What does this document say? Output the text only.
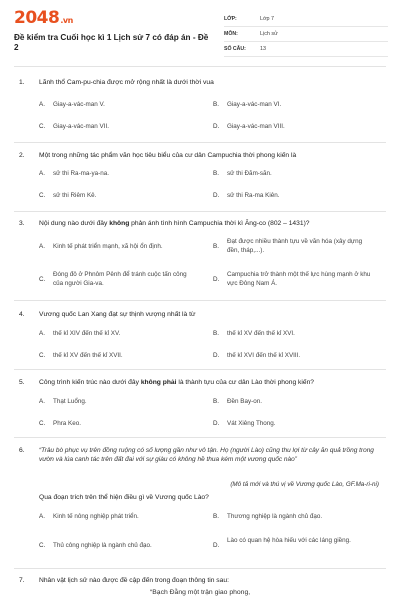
2048.vn
Đề kiểm tra Cuối học kì 1 Lịch sử 7 có đáp án - Đề 2
LỚP:	Lớp 7
MÔN:	Lịch sử
SỐ CÂU:	13
1. Lãnh thổ Cam-pu-chia được mở rộng nhất là dưới thời vua
A. Giay-a-vác-man V.	B. Giay-a-vác-man VI.
C. Giay-a-vác-man VII.	D. Giay-a-vác-man VIII.
2. Một trong những tác phẩm văn học tiêu biểu của cư dân Campuchia thời phong kiến là
A. sử thi Ra-ma-ya-na.	B. sử thi Đăm-săn.
C. sử thi Riêm Kê.	D. sử thi Ra-ma Kiên.
3. Nội dung nào dưới đây không phản ánh tình hình Campuchia thời kì Ăng-co (802 – 1431)?
A. Kinh tế phát triển mạnh, xã hội ổn định.	B.
Đạt được nhiều thành tựu về văn hóa (xây dựng đền, tháp,...).
C.
Đóng đô ở Phnôm Pênh để tránh cuộc tấn công của người Gia-va.
D.
Campuchia trở thành một thế lực hùng mạnh ở khu vực Đông Nam Á.
4. Vương quốc Lan Xang đạt sự thịnh vượng nhất là từ
A. thế kỉ XIV đến thế kỉ XV.	B. thế kỉ XV đến thế kỉ XVI.
C. thế kỉ XV đến thế kỉ XVII.	D. thế kỉ XVI đến thế kỉ XVIII.
5. Công trình kiến trúc nào dưới đây không phải là thành tựu của cư dân Lào thời phong kiến?
A. Thạt Luổng.	B. Đền Bay-on.
C. Phra Keo.	D. Vát Xiêng Thong.
6. “Trâu bò phục vụ trên đồng ruộng có số lượng gần như vô tận. Họ (người Lào) cũng thu lợi từ cây ăn quả trồng trong vườn và lúa canh tác trên đất đai với sự giàu có không hề thua kém một vương quốc nào”
(Mô tả mới và thú vị về Vương quốc Lào, GF.Ma-ri-ni)
Qua đoạn trích trên thể hiện điều gì về Vương quốc Lào?
A. Kinh tế nông nghiệp phát triển.	B. Thương nghiệp là ngành chủ đạo.
C. Thủ công nghiệp là ngành chủ đạo.	D.
Lào có quan hệ hòa hiếu với các láng giềng.
7. Nhân vật lịch sử nào được đề cập đến trong đoạn thông tin sau:
“Bạch Đằng một trận giao phong,
